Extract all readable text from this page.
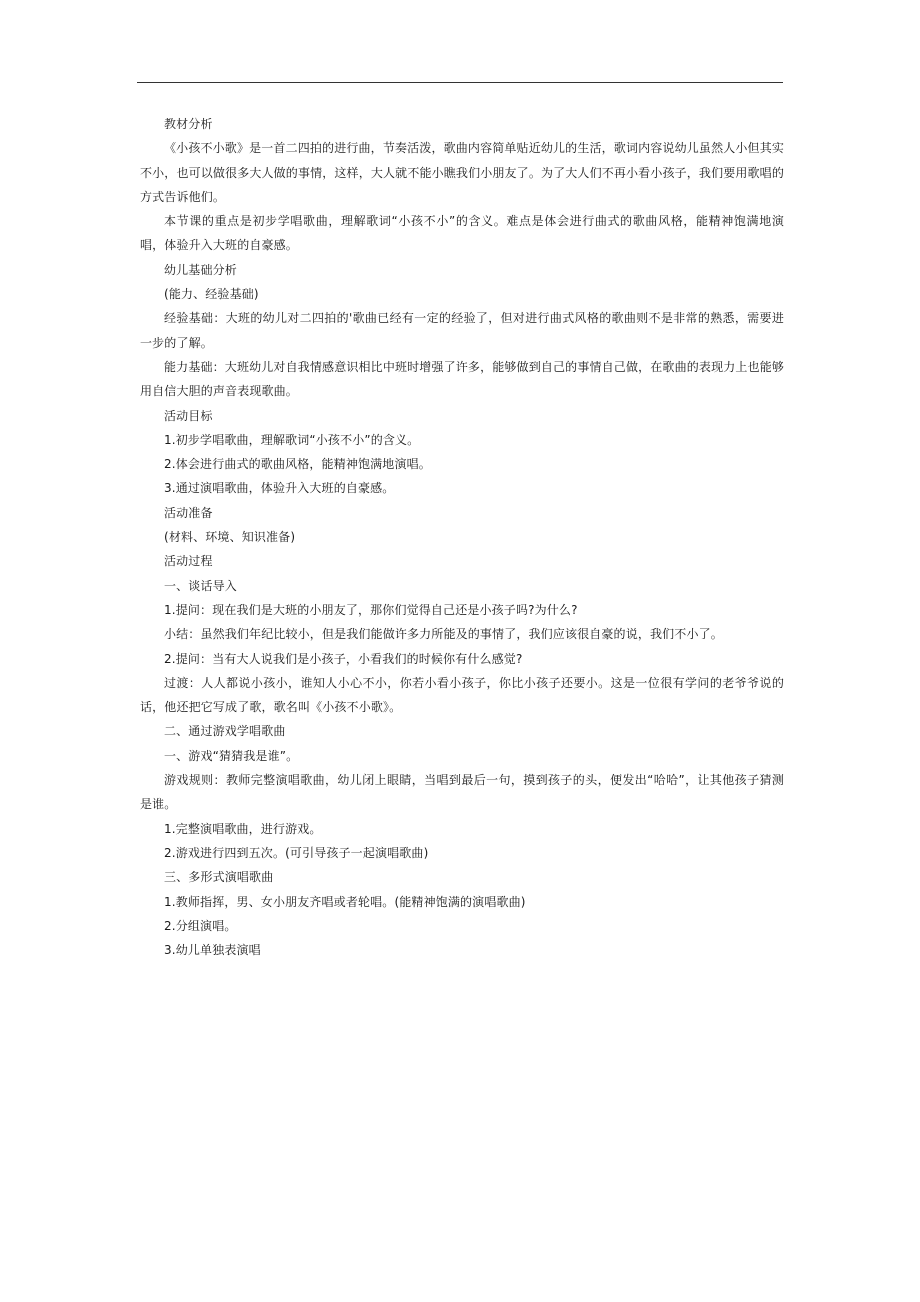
教材分析

《小孩不小歌》是一首二四拍的进行曲，节奏活泼，歌曲内容简单贴近幼儿的生活，歌词内容说幼儿虽然人小但其实不小，也可以做很多大人做的事情，这样，大人就不能小瞧我们小朋友了。为了大人们不再小看小孩子，我们要用歌唱的方式告诉他们。

本节课的重点是初步学唱歌曲，理解歌词“小孩不小”的含义。难点是体会进行曲式的歌曲风格，能精神饱满地演唱，体验升入大班的自豪感。

幼儿基础分析

(能力、经验基础)

经验基础：大班的幼儿对二四拍的'歌曲已经有一定的经验了，但对进行曲式风格的歌曲则不是非常的熟悉，需要进一步的了解。

能力基础：大班幼儿对自我情感意识相比中班时增强了许多，能够做到自己的事情自己做，在歌曲的表现力上也能够用自信大胆的声音表现歌曲。

活动目标

1.初步学唱歌曲，理解歌词“小孩不小”的含义。

2.体会进行曲式的歌曲风格，能精神饱满地演唱。

3.通过演唱歌曲，体验升入大班的自豪感。

活动准备

(材料、环境、知识准备)

活动过程

一、谈话导入

1.提问：现在我们是大班的小朋友了，那你们觉得自己还是小孩子吗?为什么?

小结：虽然我们年纪比较小，但是我们能做许多力所能及的事情了，我们应该很自豪的说，我们不小了。

2.提问：当有大人说我们是小孩子，小看我们的时候你有什么感觉?

过渡：人人都说小孩小，谁知人小心不小，你若小看小孩子，你比小孩子还要小。这是一位很有学问的老爷爷说的话，他还把它写成了歌，歌名叫《小孩不小歌》。

二、通过游戏学唱歌曲

一、游戏“猜猜我是谁”。

游戏规则：教师完整演唱歌曲，幼儿闭上眼睛，当唱到最后一句，摸到孩子的头，便发出“哈哈”，让其他孩子猜测是谁。

1.完整演唱歌曲，进行游戏。

2.游戏进行四到五次。(可引导孩子一起演唱歌曲)

三、多形式演唱歌曲

1.教师指挥，男、女小朋友齐唱或者轮唱。(能精神饱满的演唱歌曲)

2.分组演唱。

3.幼儿单独表演唱
